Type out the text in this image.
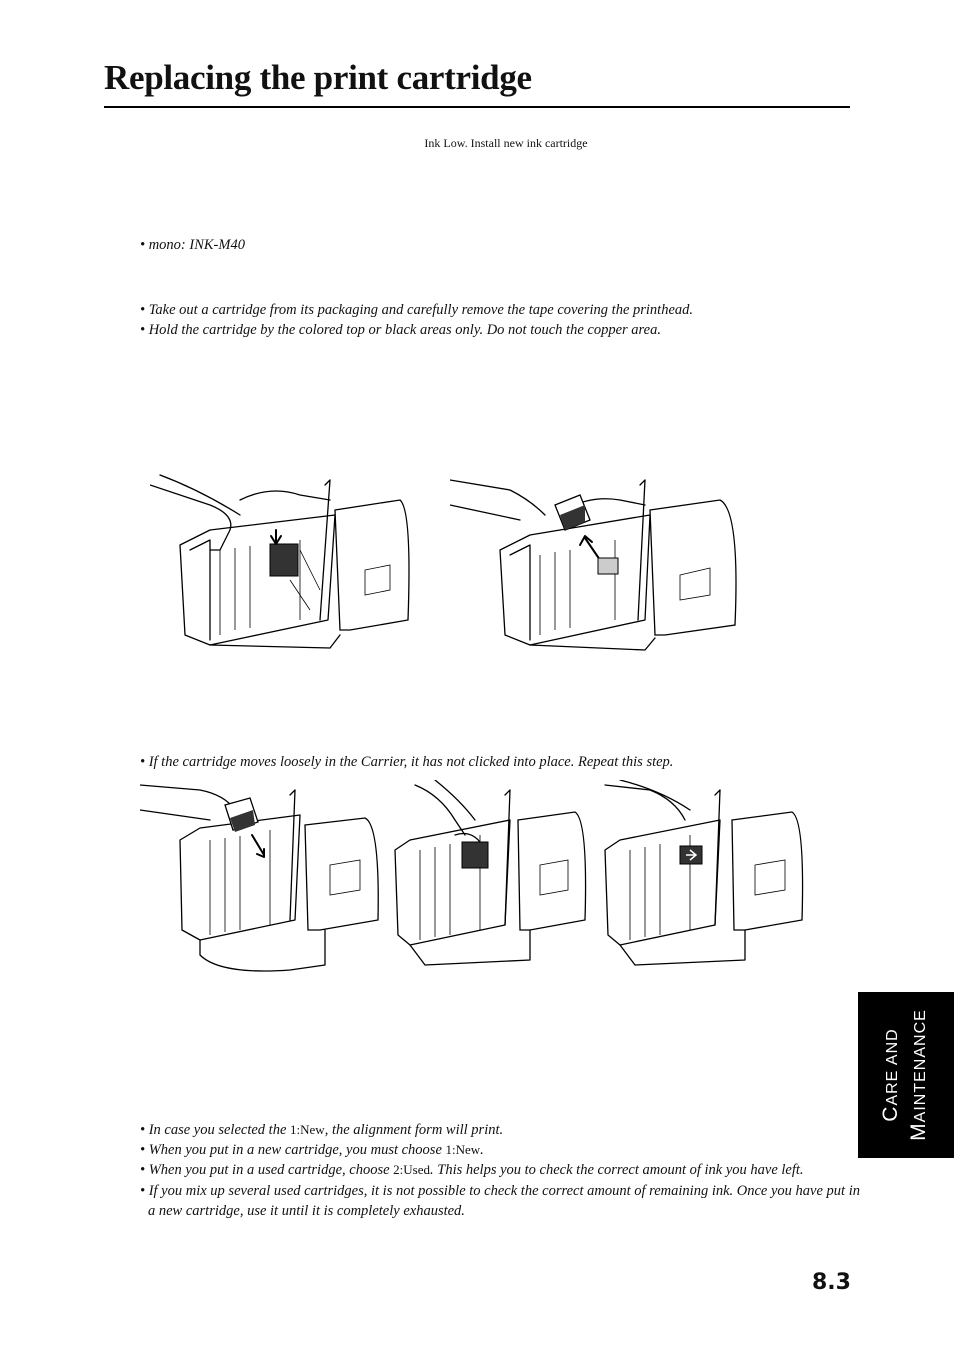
Replacing the print cartridge
Ink Low. Install new ink cartridge
• mono: INK-M40
• Take out a cartridge from its packaging and carefully remove the tape covering the printhead.
• Hold the cartridge by the colored top or black areas only. Do not touch the copper area.
• If the cartridge moves loosely in the Carrier, it has not clicked into place. Repeat this step.
• In case you selected the 1:New, the alignment form will print.
• When you put in a new cartridge, you must choose 1:New.
• When you put in a used cartridge, choose 2:Used. This helps you to check the correct amount of ink you have left.
• If you mix up several used cartridges, it is not possible to check the correct amount of remaining ink. Once you have put in a new cartridge, use it until it is completely exhausted.
CARE AND
MAINTENANCE
8.3
